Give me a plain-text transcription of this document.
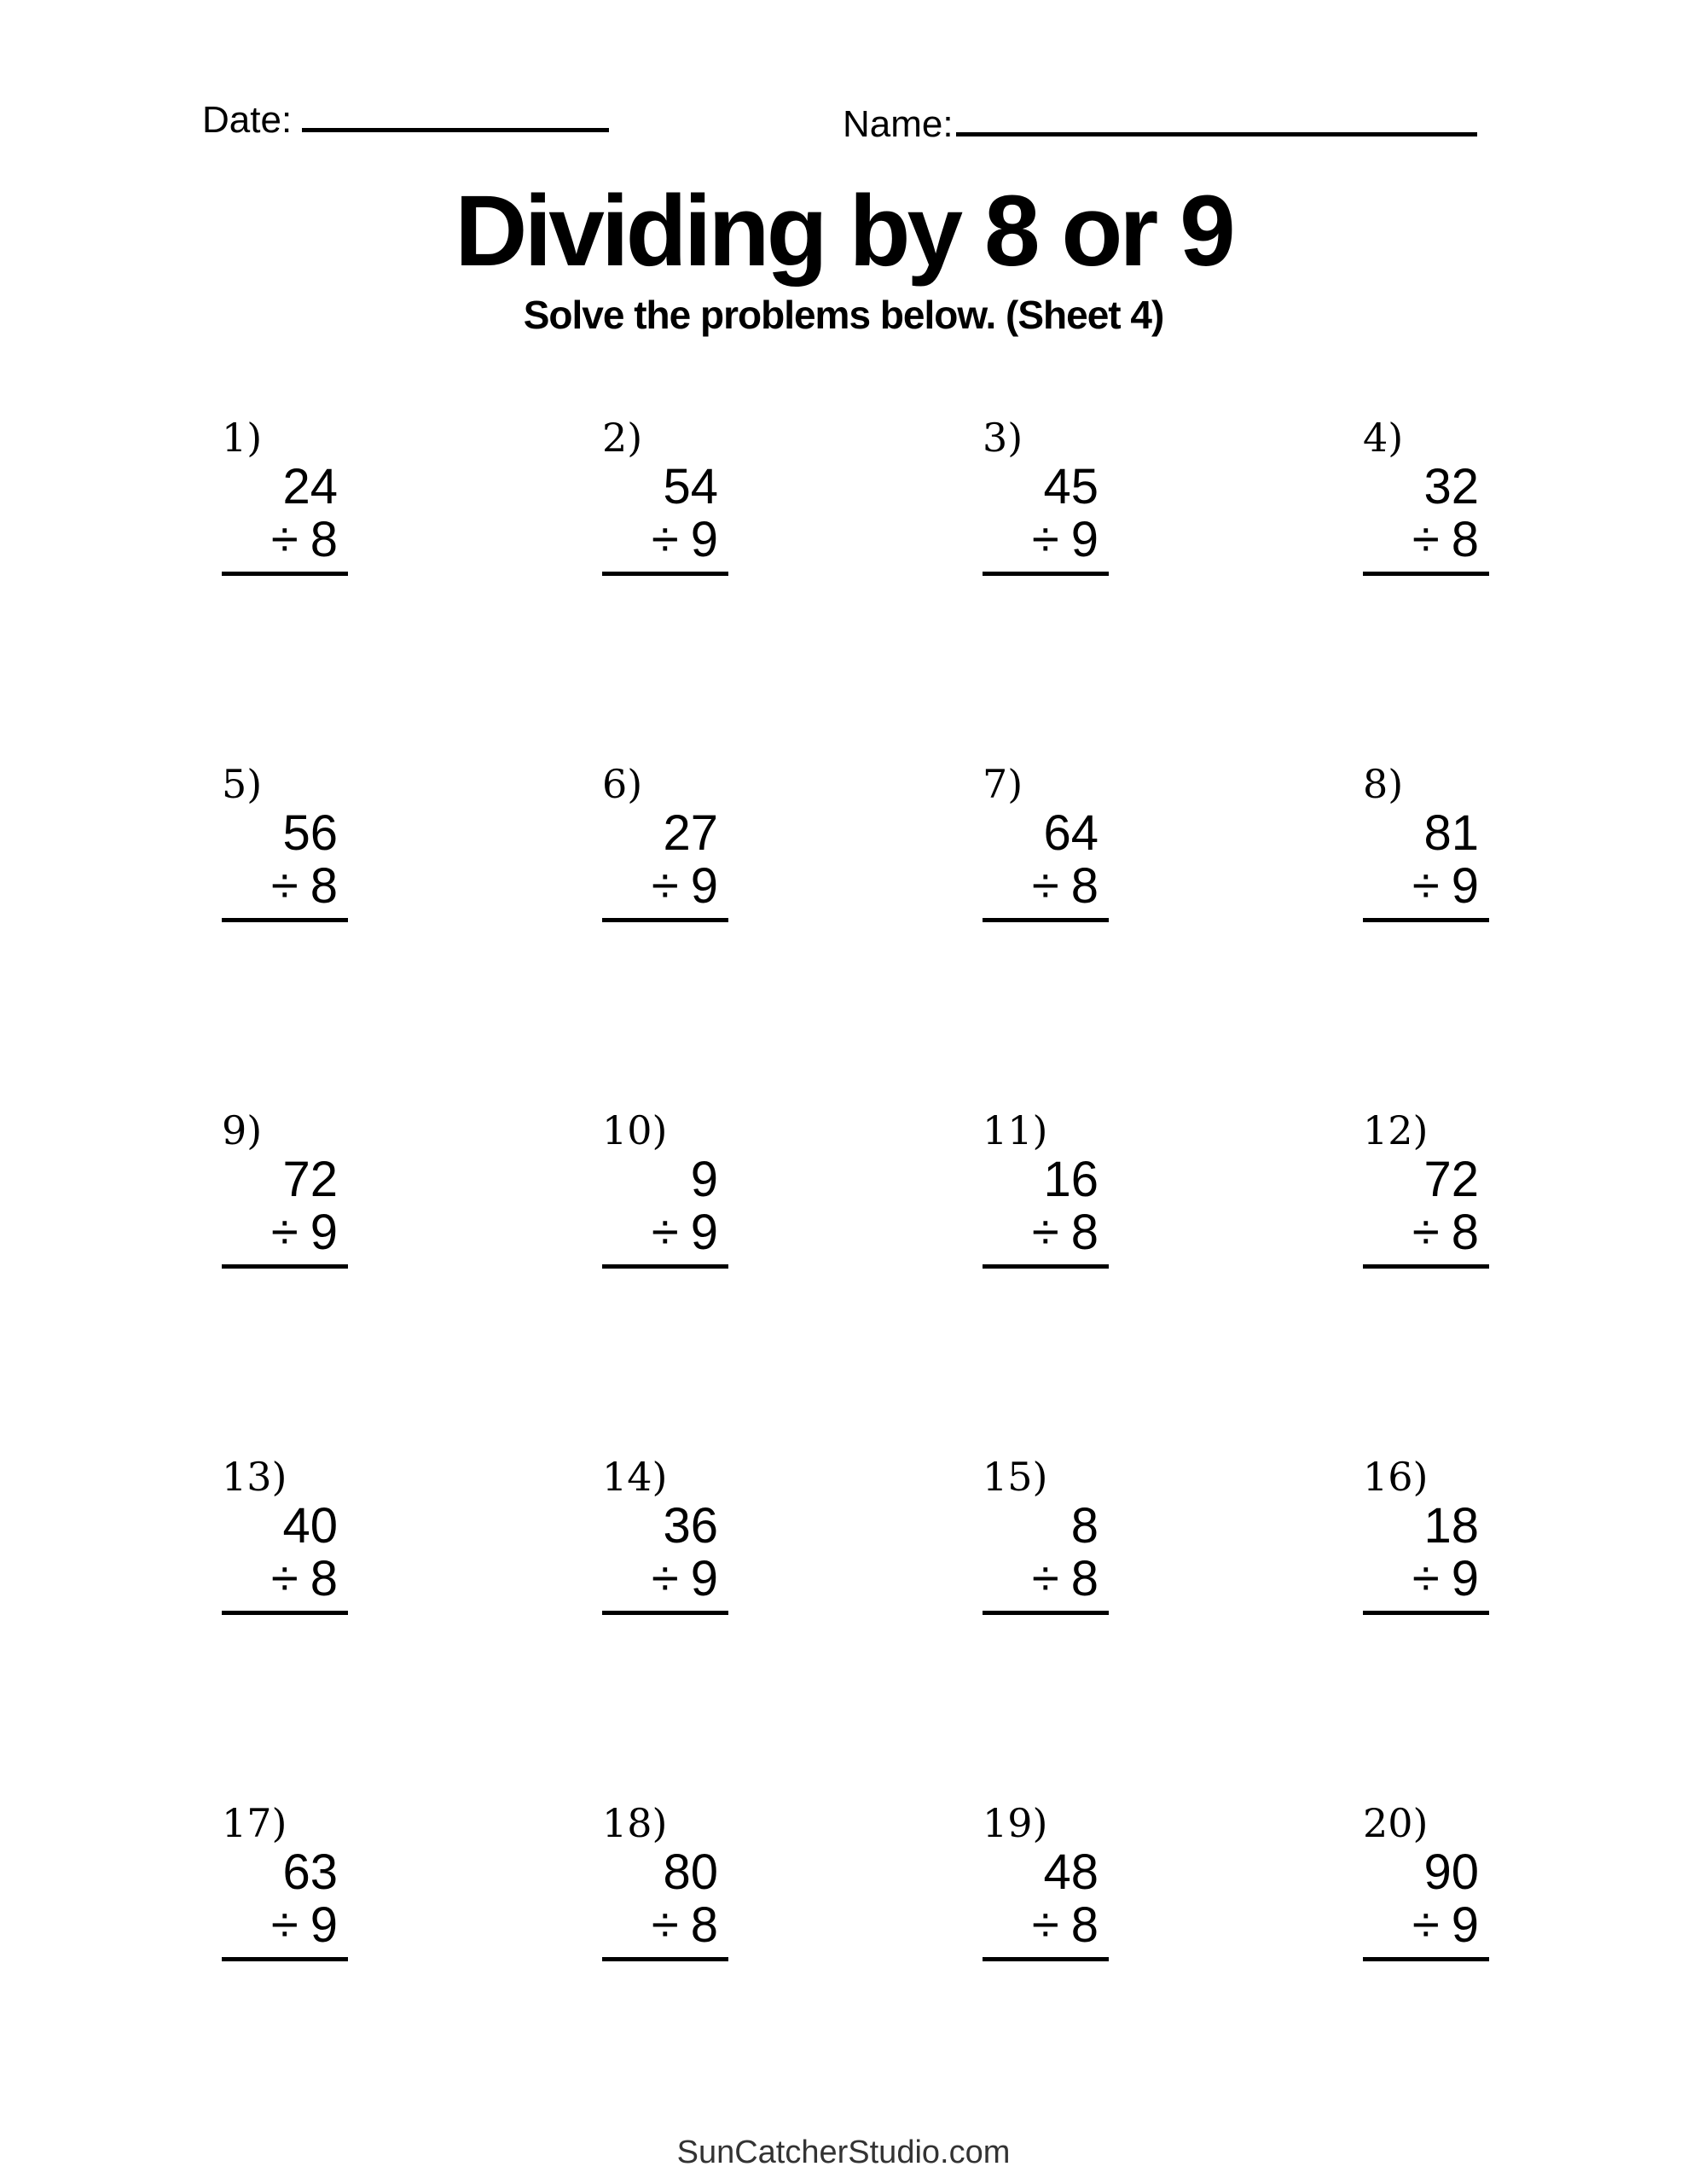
Date:	Name:
Dividing by 8 or 9
Solve the problems below. (Sheet 4)
1)
24
÷ 8
2)
54
÷ 9
3)
45
÷ 9
4)
32
÷ 8
5)
56
÷ 8
6)
27
÷ 9
7)
64
÷ 8
8)
81
÷ 9
9)
72
÷ 9
10)
9
÷ 9
11)
16
÷ 8
12)
72
÷ 8
13)
40
÷ 8
14)
36
÷ 9
15)
8
÷ 8
16)
18
÷ 9
17)
63
÷ 9
18)
80
÷ 8
19)
48
÷ 8
20)
90
÷ 9
SunCatcherStudio.com
